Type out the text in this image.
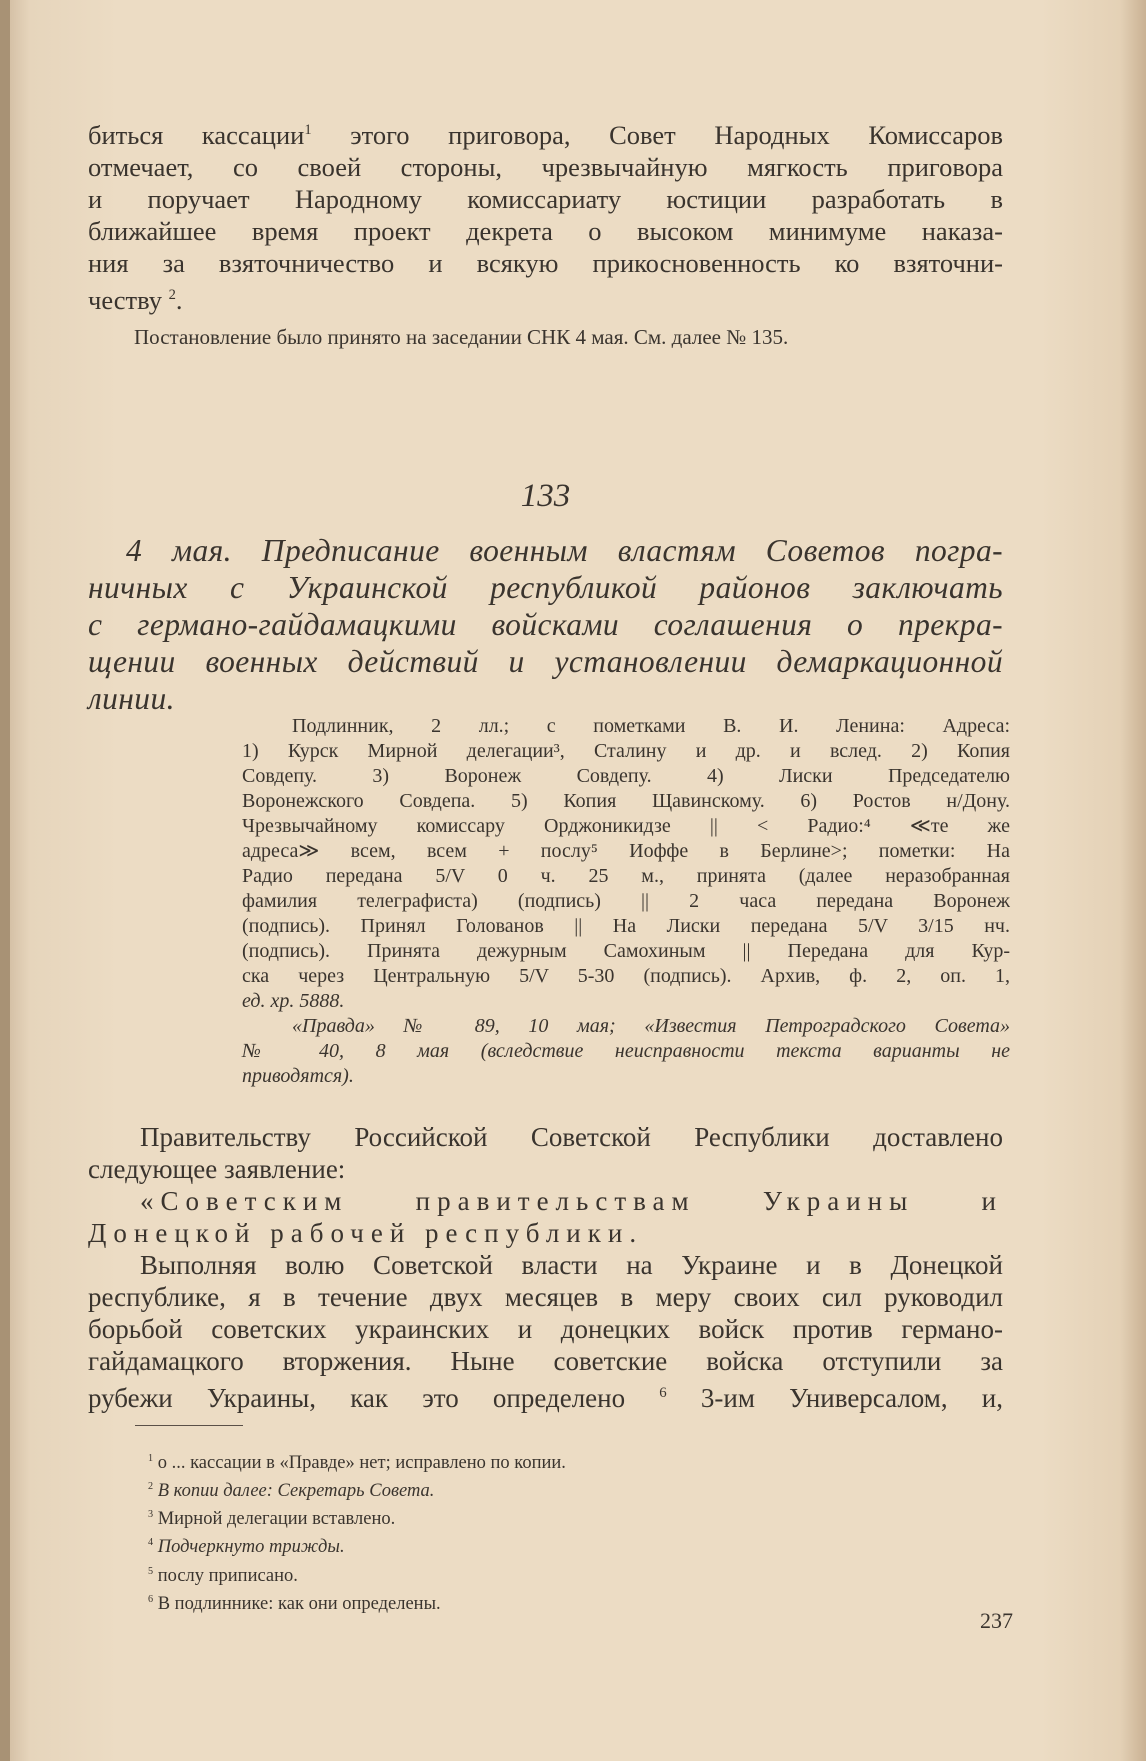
биться кассации$^1$ этого приговора, Совет Народных Комиссаров
отмечает, со своей стороны, чрезвычайную мягкость приговора
и поручает Народному комиссариату юстиции разработать в
ближайшее время проект декрета о высоком минимуме наказа-
ния за взяточничество и всякую прикосновенность ко взяточни-
честву $^2$.
Постановление было принято на заседании СНК 4 мая. См. далее № 135.
133
4 мая. Предписание военным властям Советов погра-
ничных с Украинской республикой районов заключать
с германо-гайдамацкими войсками соглашения о прекра-
щении военных действий и установлении демаркационной
линии.
Подлинник, 2 лл.; с пометками В. И. Ленина: Адреса:
1) Курск Мирной делегации³, Сталину и др. и вслед. 2) Копия
Совдепу. 3) Воронеж Совдепу. 4) Лиски Председателю
Воронежского Совдепа. 5) Копия Щавинскому. 6) Ростов н/Дону.
Чрезвычайному комиссару Орджоникидзе || < Радио:⁴ ≪те же
адреса≫ всем, всем + послу⁵ Иоффе в Берлине>; пометки: На
Радио передана 5/V 0 ч. 25 м., принята (далее неразобранная
фамилия телеграфиста) (подпись) || 2 часа передана Воронеж
(подпись). Принял Голованов || На Лиски передана 5/V 3/15 нч.
(подпись). Принята дежурным Самохиным || Передана для Кур-
ска через Центральную 5/V 5-30 (подпись). Архив, ф. 2, оп. 1,
ед. хр. 5888.
«Правда» № 89, 10 мая; «Известия Петроградского Совета»
№ 40, 8 мая (вследствие неисправности текста варианты не
приводятся).
Правительству Российской Советской Республики доставлено
следующее заявление:
«Советским правительствам Украины и
Донецкой рабочей республики.
Выполняя волю Советской власти на Украине и в Донецкой
республике, я в течение двух месяцев в меру своих сил руководил
борьбой советских украинских и донецких войск против германо-
гайдамацкого вторжения. Ныне советские войска отступили за
рубежи Украины, как это определено $^6$ 3-им Универсалом, и,
$^1$ о ... кассации в «Правде» нет; исправлено по копии.
$^2$ В копии далее: Секретарь Совета.
$^3$ Мирной делегации вставлено.
$^4$ Подчеркнуто трижды.
$^5$ послу приписано.
$^6$ В подлиннике: как они определены.
237
